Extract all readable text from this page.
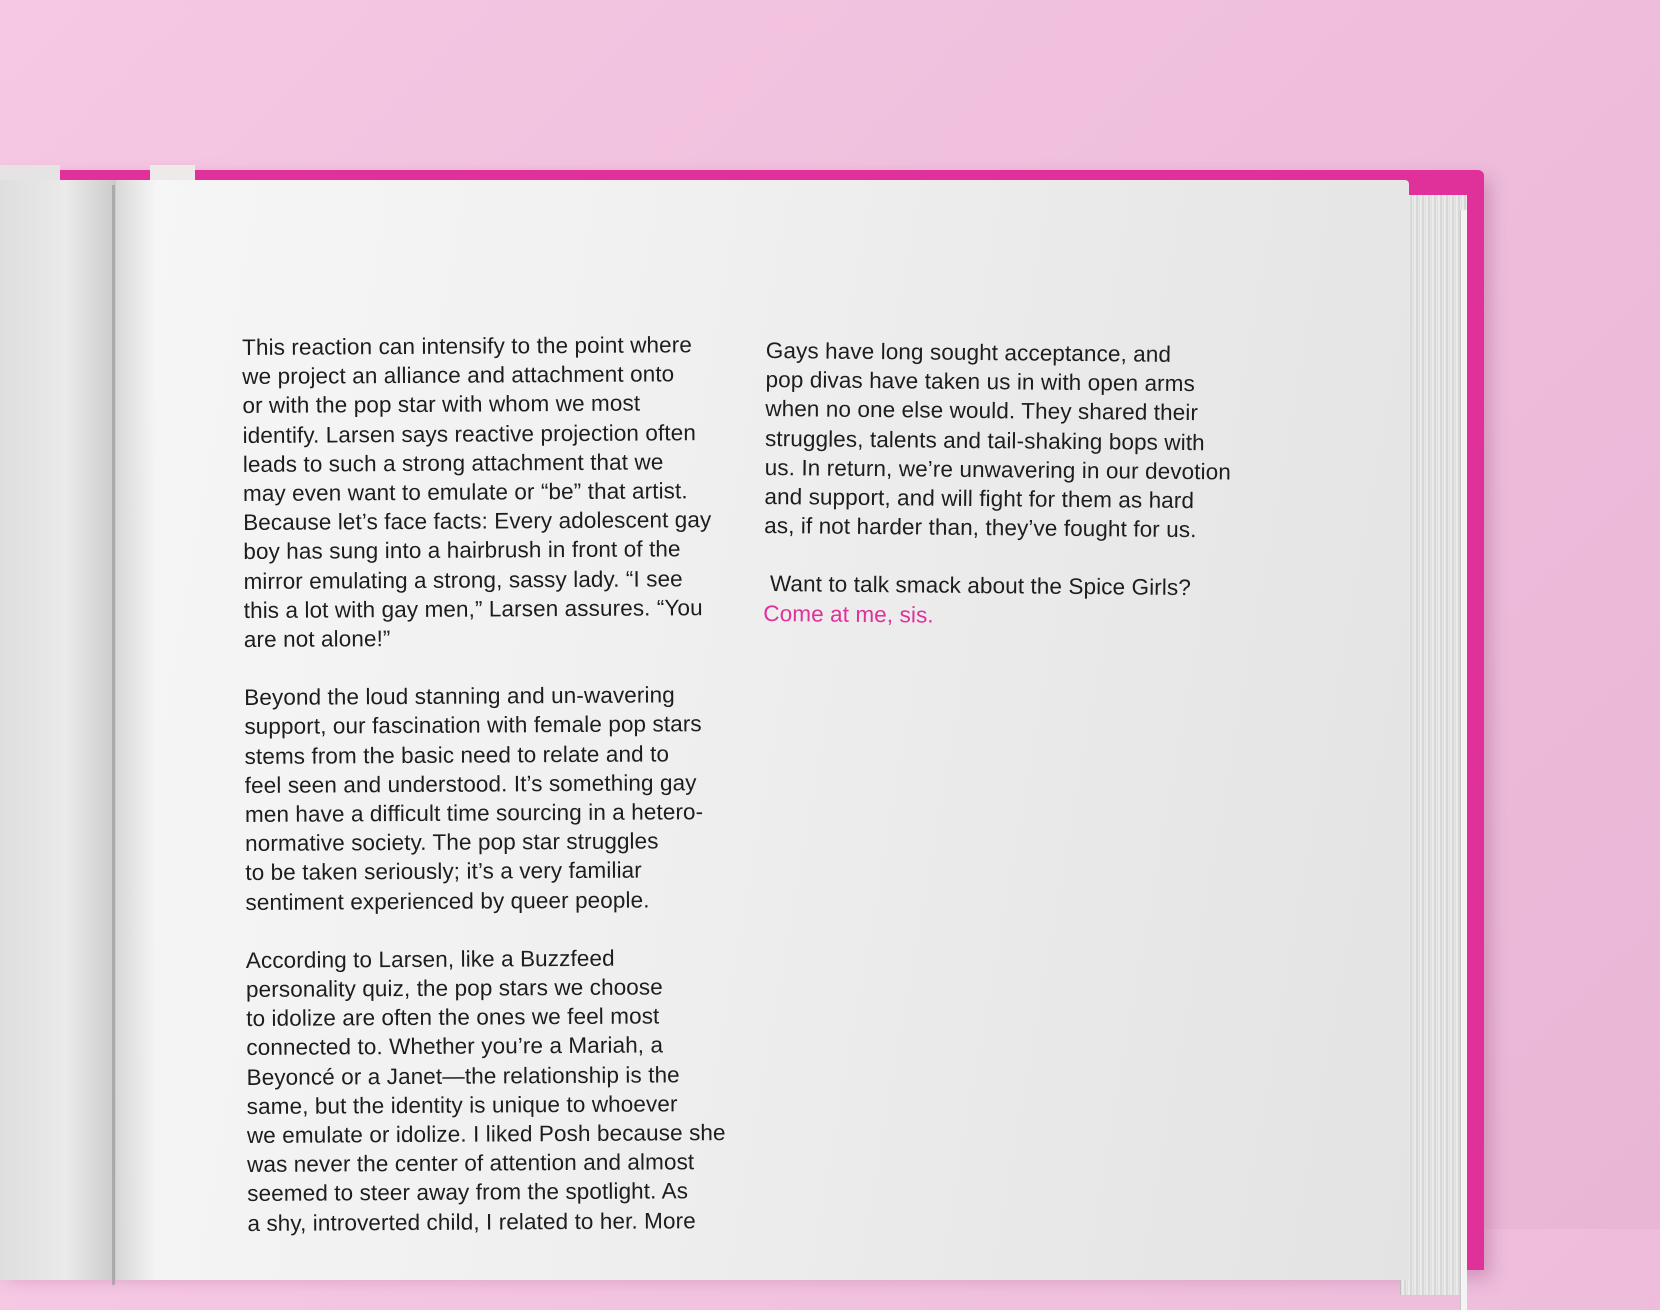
This reaction can intensify to the point where
we project an alliance and attachment onto
or with the pop star with whom we most
identify. Larsen says reactive projection often
leads to such a strong attachment that we
may even want to emulate or “be” that artist.
Because let’s face facts: Every adolescent gay
boy has sung into a hairbrush in front of the
mirror emulating a strong, sassy lady. “I see
this a lot with gay men,” Larsen assures. “You
are not alone!”

Beyond the loud stanning and un-wavering
support, our fascination with female pop stars
stems from the basic need to relate and to
feel seen and understood. It’s something gay
men have a difficult time sourcing in a hetero-
normative society. The pop star struggles
to be taken seriously; it’s a very familiar
sentiment experienced by queer people.

According to Larsen, like a Buzzfeed
personality quiz, the pop stars we choose
to idolize are often the ones we feel most
connected to. Whether you’re a Mariah, a
Beyoncé or a Janet—the relationship is the
same, but the identity is unique to whoever
we emulate or idolize. I liked Posh because she
was never the center of attention and almost
seemed to steer away from the spotlight. As
a shy, introverted child, I related to her. More

Gays have long sought acceptance, and
pop divas have taken us in with open arms
when no one else would. They shared their
struggles, talents and tail-shaking bops with
us. In return, we’re unwavering in our devotion
and support, and will fight for them as hard
as, if not harder than, they’ve fought for us.

Want to talk smack about the Spice Girls?
Come at me, sis.
